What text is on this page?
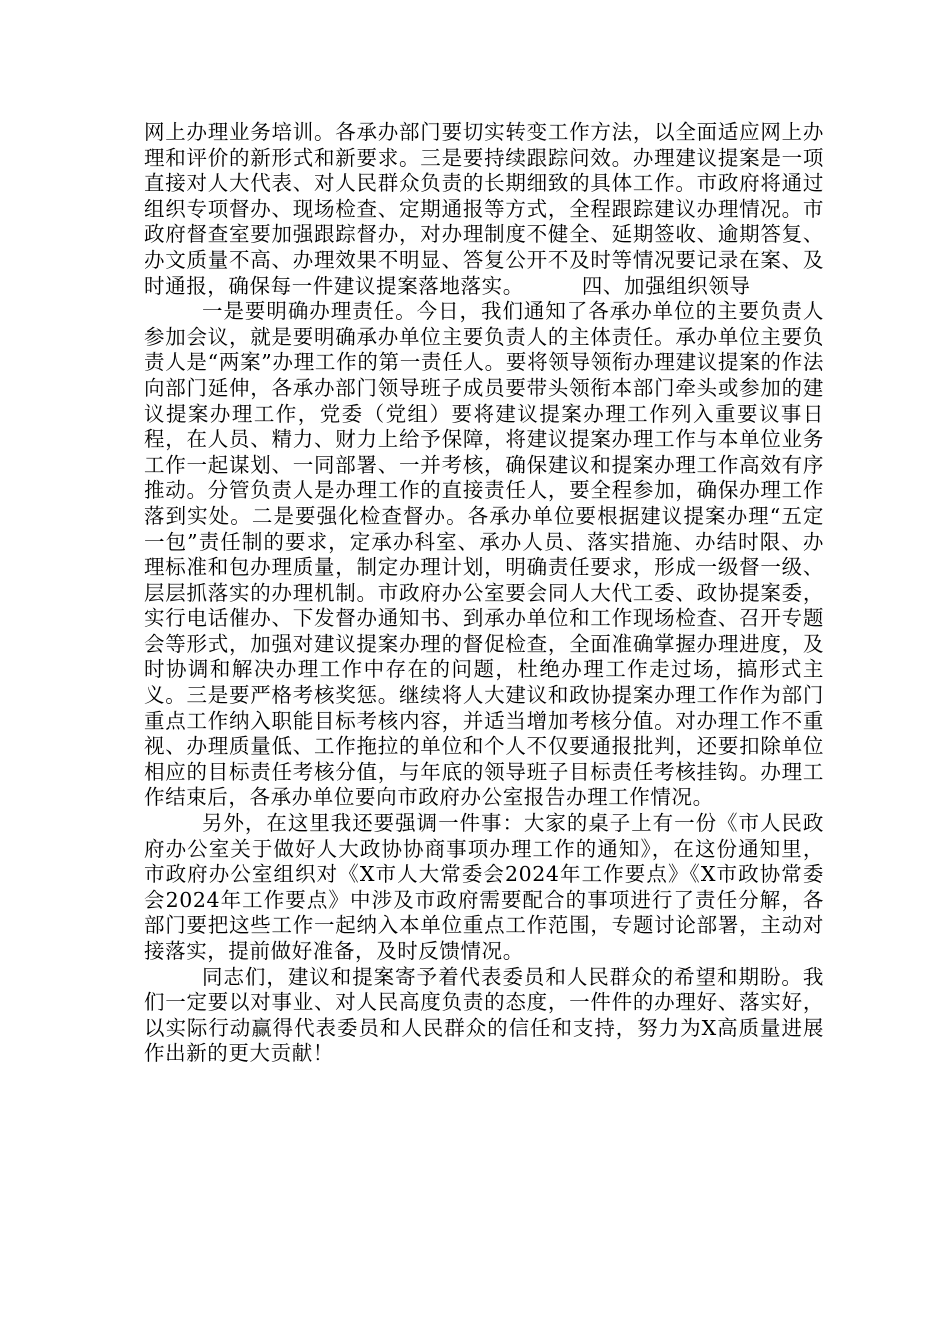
网上办理业务培训。各承办部门要切实转变工作方法，以全面适应网上办理和评价的新形式和新要求。三是要持续跟踪问效。办理建议提案是一项直接对人大代表、对人民群众负责的长期细致的具体工作。市政府将通过组织专项督办、现场检查、定期通报等方式，全程跟踪建议办理情况。市政府督查室要加强跟踪督办，对办理制度不健全、延期签收、逾期答复、办文质量不高、办理效果不明显、答复公开不及时等情况要记录在案、及时通报，确保每一件建议提案落地落实。	四、加强组织领导

一是要明确办理责任。今日，我们通知了各承办单位的主要负责人参加会议，就是要明确承办单位主要负责人的主体责任。承办单位主要负责人是“两案”办理工作的第一责任人。要将领导领衔办理建议提案的作法向部门延伸，各承办部门领导班子成员要带头领衔本部门牵头或参加的建议提案办理工作，党委（党组）要将建议提案办理工作列入重要议事日程，在人员、精力、财力上给予保障，将建议提案办理工作与本单位业务工作一起谋划、一同部署、一并考核，确保建议和提案办理工作高效有序推动。分管负责人是办理工作的直接责任人，要全程参加，确保办理工作落到实处。二是要强化检查督办。各承办单位要根据建议提案办理“五定一包”责任制的要求，定承办科室、承办人员、落实措施、办结时限、办理标准和包办理质量，制定办理计划，明确责任要求，形成一级督一级、层层抓落实的办理机制。市政府办公室要会同人大代工委、政协提案委，实行电话催办、下发督办通知书、到承办单位和工作现场检查、召开专题会等形式，加强对建议提案办理的督促检查，全面准确掌握办理进度，及时协调和解决办理工作中存在的问题，杜绝办理工作走过场，搞形式主义。三是要严格考核奖惩。继续将人大建议和政协提案办理工作作为部门重点工作纳入职能目标考核内容，并适当增加考核分值。对办理工作不重视、办理质量低、工作拖拉的单位和个人不仅要通报批判，还要扣除单位相应的目标责任考核分值，与年底的领导班子目标责任考核挂钩。办理工作结束后，各承办单位要向市政府办公室报告办理工作情况。

另外，在这里我还要强调一件事：大家的桌子上有一份《市人民政府办公室关于做好人大政协协商事项办理工作的通知》，在这份通知里，市政府办公室组织对《X市人大常委会2024年工作要点》《X市政协常委会2024年工作要点》中涉及市政府需要配合的事项进行了责任分解，各部门要把这些工作一起纳入本单位重点工作范围，专题讨论部署，主动对接落实，提前做好准备，及时反馈情况。

同志们，建议和提案寄予着代表委员和人民群众的希望和期盼。我们一定要以对事业、对人民高度负责的态度，一件件的办理好、落实好，以实际行动赢得代表委员和人民群众的信任和支持，努力为X高质量进展作出新的更大贡献！
